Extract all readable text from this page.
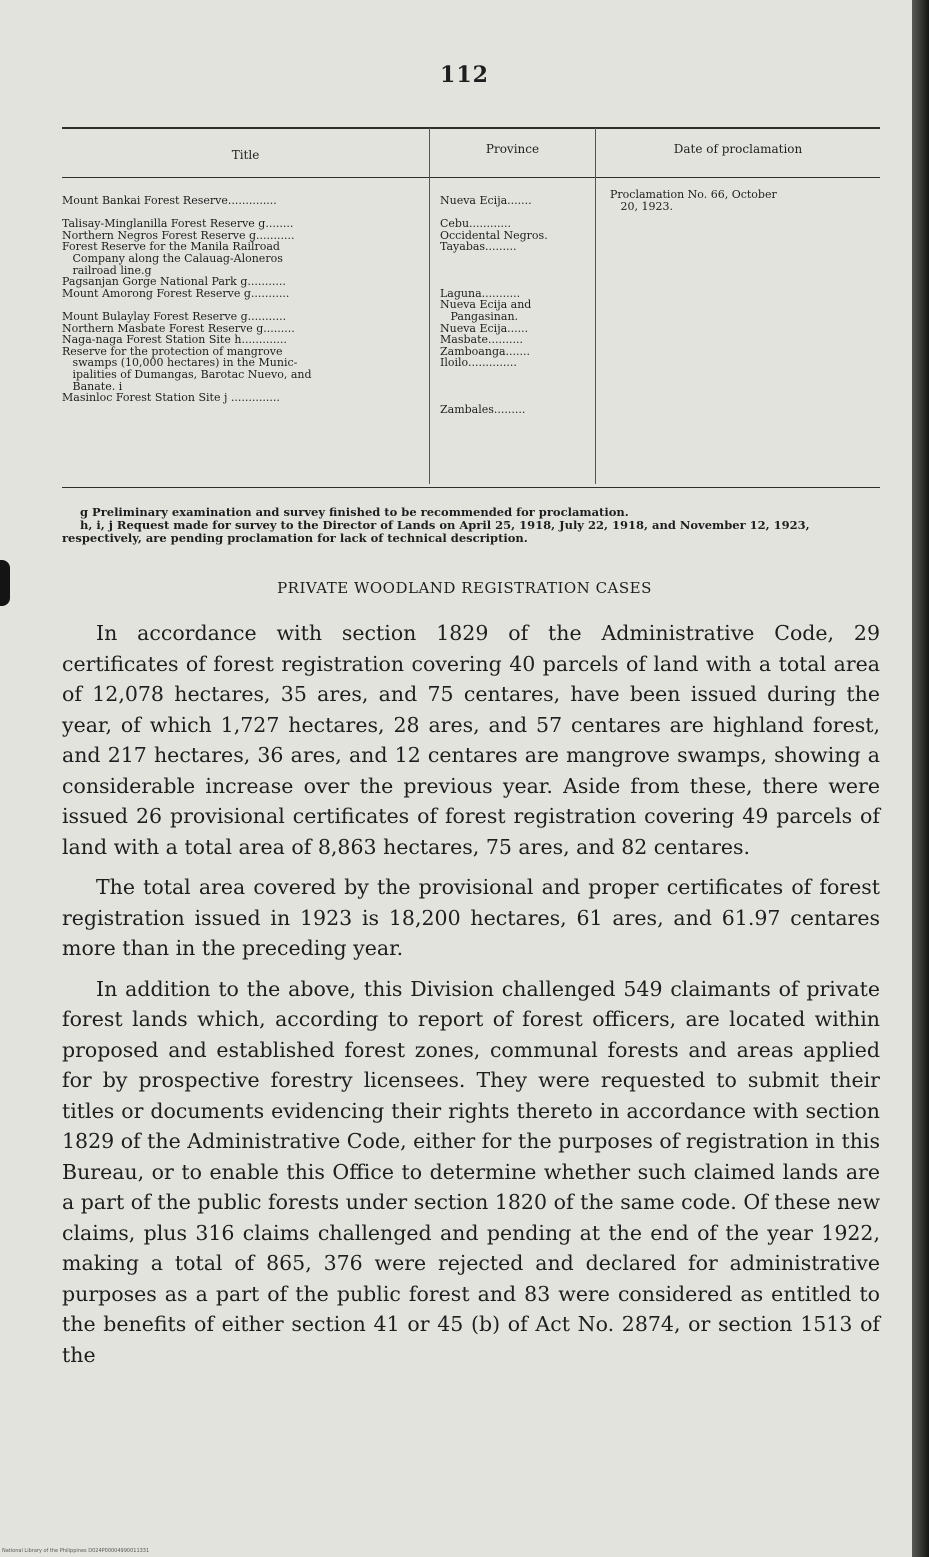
112
Title	Province	Date of proclamation
Mount Bankai Forest Reserve..............

Talisay-Minglanilla Forest Reserve g........
Northern Negros Forest Reserve g...........
Forest Reserve for the Manila Railroad
Company along the Calauag-Aloneros
railroad line.g
Pagsanjan Gorge National Park g...........
Mount Amorong Forest Reserve g...........

Mount Bulaylay Forest Reserve g...........
Northern Masbate Forest Reserve g.........
Naga-naga Forest Station Site h.............
Reserve for the protection of mangrove
swamps (10,000 hectares) in the Munic-
ipalities of Dumangas, Barotac Nuevo, and
Banate. i
Masinloc Forest Station Site j ..............
Nueva Ecija.......

Cebu............
Occidental Negros.
Tayabas.........

Laguna...........
Nueva Ecija and
Pangasinan.
Nueva Ecija......
Masbate..........
Zamboanga.......
Iloilo..............

Zambales.........
Proclamation No. 66, October
20, 1923.

g Preliminary examination and survey finished to be recommended for proclamation.

h, i, j Request made for survey to the Director of Lands on April 25, 1918, July 22, 1918, and November 12, 1923, respectively, are pending proclamation for lack of technical description.

PRIVATE WOODLAND REGISTRATION CASES

In accordance with section 1829 of the Administrative Code, 29 certificates of forest registration covering 40 parcels of land with a total area of 12,078 hectares, 35 ares, and 75 centares, have been issued during the year, of which 1,727 hectares, 28 ares, and 57 centares are highland forest, and 217 hectares, 36 ares, and 12 centares are mangrove swamps, showing a considerable increase over the previous year. Aside from these, there were issued 26 provisional certificates of forest registration covering 49 parcels of land with a total area of 8,863 hectares, 75 ares, and 82 centares.

The total area covered by the provisional and proper certificates of forest registration issued in 1923 is 18,200 hectares, 61 ares, and 61.97 centares more than in the preceding year.

In addition to the above, this Division challenged 549 claimants of private forest lands which, according to report of forest officers, are located within proposed and established forest zones, communal forests and areas applied for by prospective forestry licensees. They were requested to submit their titles or documents evidencing their rights thereto in accordance with section 1829 of the Administrative Code, either for the purposes of registration in this Bureau, or to enable this Office to determine whether such claimed lands are a part of the public forests under section 1820 of the same code. Of these new claims, plus 316 claims challenged and pending at the end of the year 1922, making a total of 865, 376 were rejected and declared for administrative purposes as a part of the public forest and 83 were considered as entitled to the benefits of either section 41 or 45 (b) of Act No. 2874, or section 1513 of the

National Library of the Philippines D024P00004990011331
